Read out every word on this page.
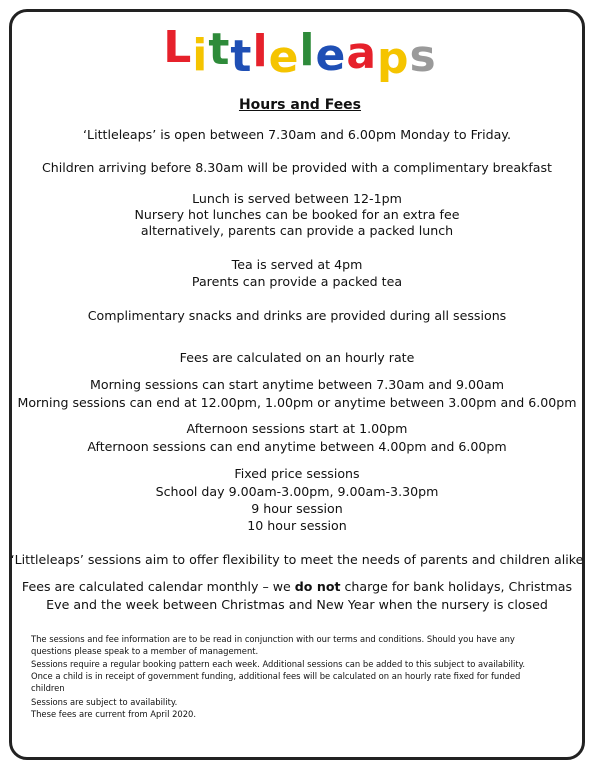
Littleleaps
Hours and Fees
‘Littleleaps’ is open between 7.30am and 6.00pm Monday to Friday.
Children arriving before 8.30am will be provided with a complimentary breakfast
Lunch is served between 12-1pm
Nursery hot lunches can be booked for an extra fee
alternatively, parents can provide a packed lunch
Tea is served at 4pm
Parents can provide a packed tea
Complimentary snacks and drinks are provided during all sessions
Fees are calculated on an hourly rate
Morning sessions can start anytime between 7.30am and 9.00am
Morning sessions can end at 12.00pm, 1.00pm or anytime between 3.00pm and 6.00pm
Afternoon sessions start at 1.00pm
Afternoon sessions can end anytime between 4.00pm and 6.00pm
Fixed price sessions
School day 9.00am-3.00pm, 9.00am-3.30pm
9 hour session
10 hour session
‘Littleleaps’ sessions aim to offer flexibility to meet the needs of parents and children alike
Fees are calculated calendar monthly – we do not charge for bank holidays, Christmas
Eve and the week between Christmas and New Year when the nursery is closed
The sessions and fee information are to be read in conjunction with our terms and conditions. Should you have any
questions please speak to a member of management.
Sessions require a regular booking pattern each week. Additional sessions can be added to this subject to availability.
Once a child is in receipt of government funding, additional fees will be calculated on an hourly rate fixed for funded
children
Sessions are subject to availability.
These fees are current from April 2020.
